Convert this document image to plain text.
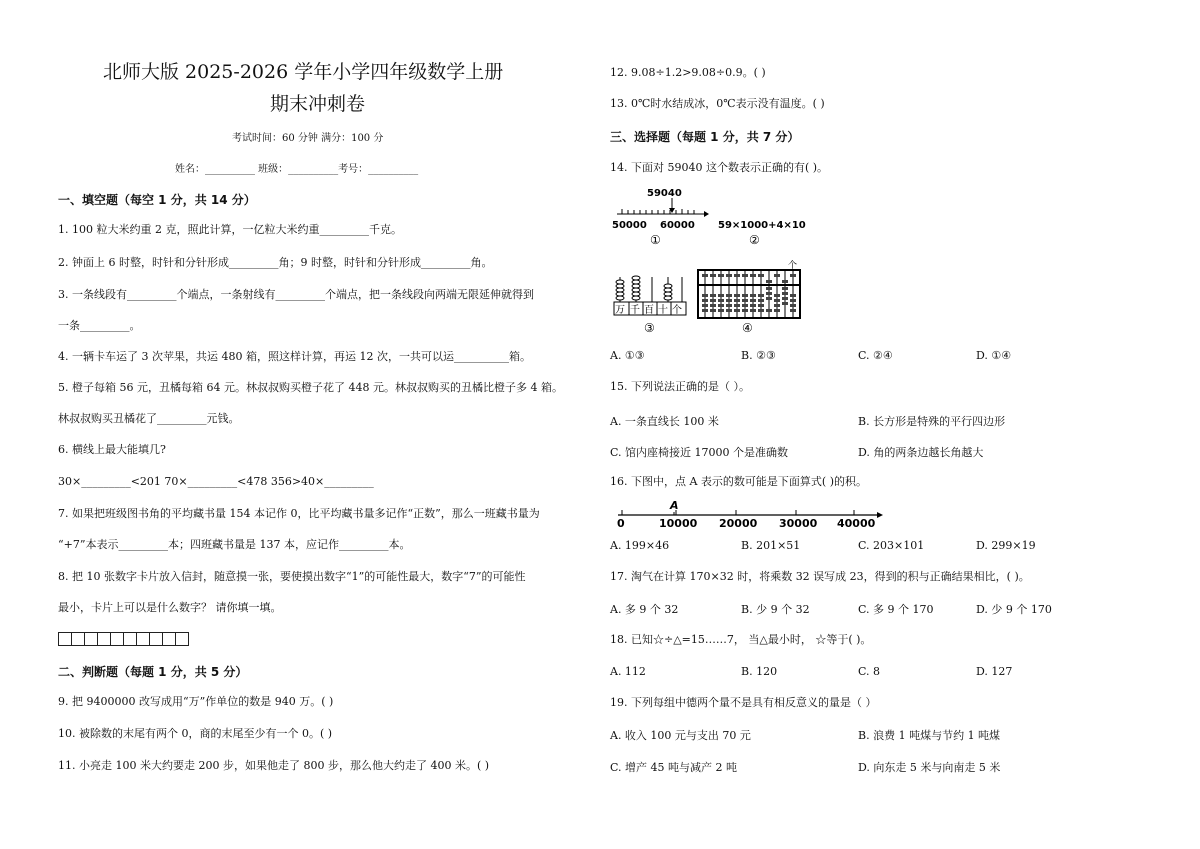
北师大版 2025-2026 学年小学四年级数学上册
期末冲刺卷
考试时间：60 分钟 满分：100 分
姓名：__________ 班级：__________考号：__________
一、填空题（每空 1 分，共 14 分）
1. 100 粒大米约重 2 克，照此计算，一亿粒大米约重_________千克。
2. 钟面上 6 时整，时针和分针形成_________角；9 时整，时针和分针形成_________角。
3. 一条线段有_________个端点，一条射线有_________个端点，把一条线段向两端无限延伸就得到
一条_________。
4. 一辆卡车运了 3 次苹果，共运 480 箱，照这样计算，再运 12 次，一共可以运__________箱。
5. 橙子每箱 56 元，丑橘每箱 64 元。林叔叔购买橙子花了 448 元。林叔叔购买的丑橘比橙子多 4 箱。
林叔叔购买丑橘花了_________元钱。
6. 横线上最大能填几?
30×_________<201 70×_________<478 356>40×_________
7. 如果把班级图书角的平均藏书量 154 本记作 0，比平均藏书量多记作“正数”，那么一班藏书量为
“+7”本表示_________本；四班藏书量是 137 本，应记作_________本。
8. 把 10 张数字卡片放入信封，随意摸一张，要使摸出数字“1”的可能性最大，数字“7”的可能性
最小，卡片上可以是什么数字？ 请你填一填。
二、判断题（每题 1 分，共 5 分）
9. 把 9400000 改写成用“万”作单位的数是 940 万。( )
10. 被除数的末尾有两个 0，商的末尾至少有一个 0。( )
11. 小亮走 100 米大约要走 200 步，如果他走了 800 步，那么他大约走了 400 米。( )
12. 9.08÷1.2>9.08÷0.9。( )
13. 0℃时水结成冰，0℃表示没有温度。( )
三、选择题（每题 1 分，共 7 分）
14. 下面对 59040 这个数表示正确的有( )。
59040
50000 60000
①
59×1000+4×10
②
万 千 百 十 个
③
个
④
A. ①③	B. ②③	C. ②④	D. ①④
15. 下列说法正确的是（ ）。
A. 一条直线长 100 米	B. 长方形是特殊的平行四边形
C. 馆内座椅接近 17000 个是准确数	D. 角的两条边越长角越大
16. 下图中，点 A 表示的数可能是下面算式( )的积。
A
0	10000 20000 30000 40000
A. 199×46	B. 201×51	C. 203×101	D. 299×19
17. 淘气在计算 170×32 时，将乘数 32 误写成 23，得到的积与正确结果相比，( )。
A. 多 9 个 32	B. 少 9 个 32	C. 多 9 个 170	D. 少 9 个 170
18. 已知☆÷△=15……7， 当△最小时， ☆等于( )。
A. 112	B. 120	C. 8	D. 127
19. 下列每组中德两个量不是具有相反意义的量是（ ）
A. 收入 100 元与支出 70 元	B. 浪费 1 吨煤与节约 1 吨煤
C. 增产 45 吨与减产 2 吨	D. 向东走 5 米与向南走 5 米
